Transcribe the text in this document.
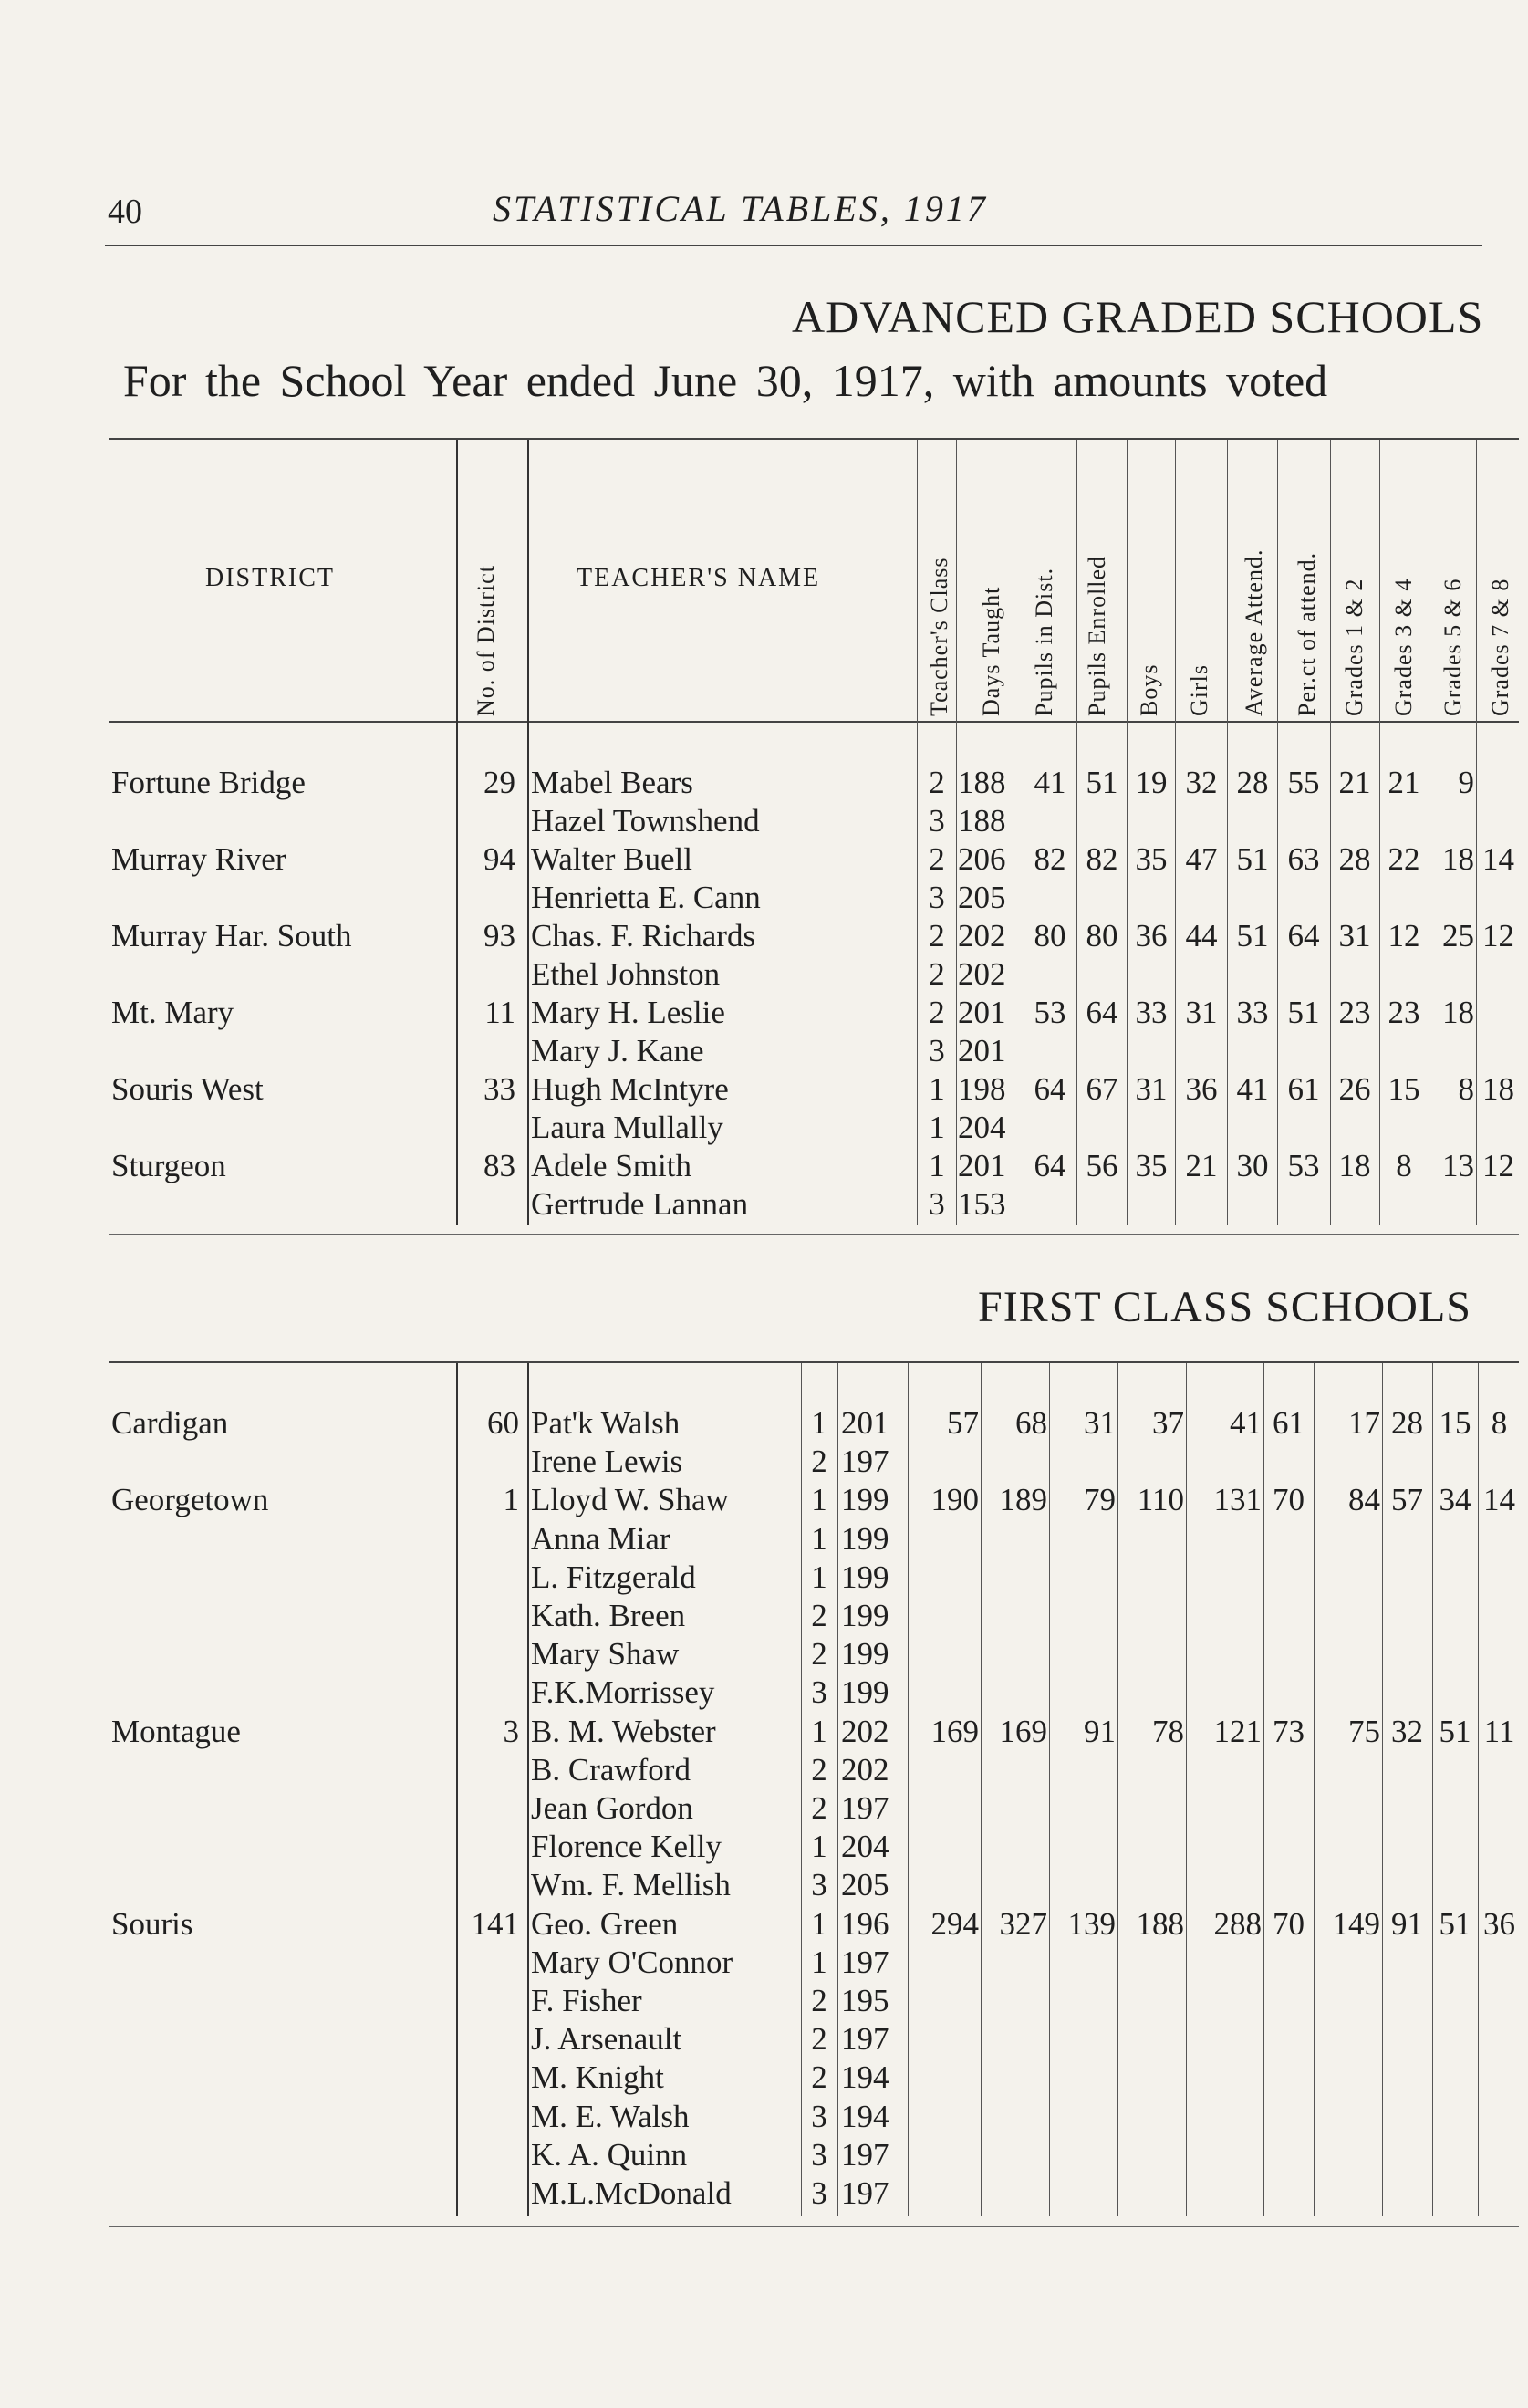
40	STATISTICAL TABLES, 1917
ADVANCED GRADED SCHOOLS
For the School Year ended June 30, 1917, with amounts voted
DISTRICT	TEACHER'S NAME
No. of District	Teacher's Class Days Taught Pupils in Dist. Pupils Enrolled Boys Girls Average Attend. Per.ct of attend. Grades 1 & 2 Grades 3 & 4 Grades 5 & 6 Grades 7 & 8
Fortune Bridge	29 Mabel Bears	2 188 41 51 19 32 28 55 21 21	9
Hazel Townshend	3 188
Murray River	94 Walter Buell	2 206 82 82 35 47 51 63 28 22 18 14
Henrietta E. Cann	3 205
Murray Har. South	93 Chas. F. Richards	2 202 80 80 36 44 51 64 31 12 25 12
Ethel Johnston	2 202
Mt. Mary	11 Mary H. Leslie	2 201 53 64 33 31 33 51 23 23 18
Mary J. Kane	3 201
Souris West	33 Hugh McIntyre	1 198 64 67 31 36 41 61 26 15	8 18
Laura Mullally	1 204
Sturgeon	83 Adele Smith	1 201 64 56 35 21 30 53 18 8 13 12
Gertrude Lannan	3 153
FIRST CLASS SCHOOLS
Cardigan	60 Pat'k Walsh	1 201	57	68	31	37	41 61	17 28 15 8
Irene Lewis	2 197
Georgetown	1 Lloyd W. Shaw	1 199	190 189	79 110 131 70	84 57 34 14
Anna Miar	1 199
L. Fitzgerald	1 199
Kath. Breen	2 199
Mary Shaw	2 199
F.K.Morrissey	3 199
Montague	3 B. M. Webster	1 202	169 169	91	78 121 73	75 32 51 11
B. Crawford	2 202
Jean Gordon	2 197
Florence Kelly	1 204
Wm. F. Mellish	3 205
Souris	141 Geo. Green	1 196	294 327 139 188 288 70 149 91 51 36
Mary O'Connor 1 197
F. Fisher	2 195
J. Arsenault	2 197
M. Knight	2 194
M. E. Walsh	3 194
K. A. Quinn	3 197
M.L.McDonald	3 197
